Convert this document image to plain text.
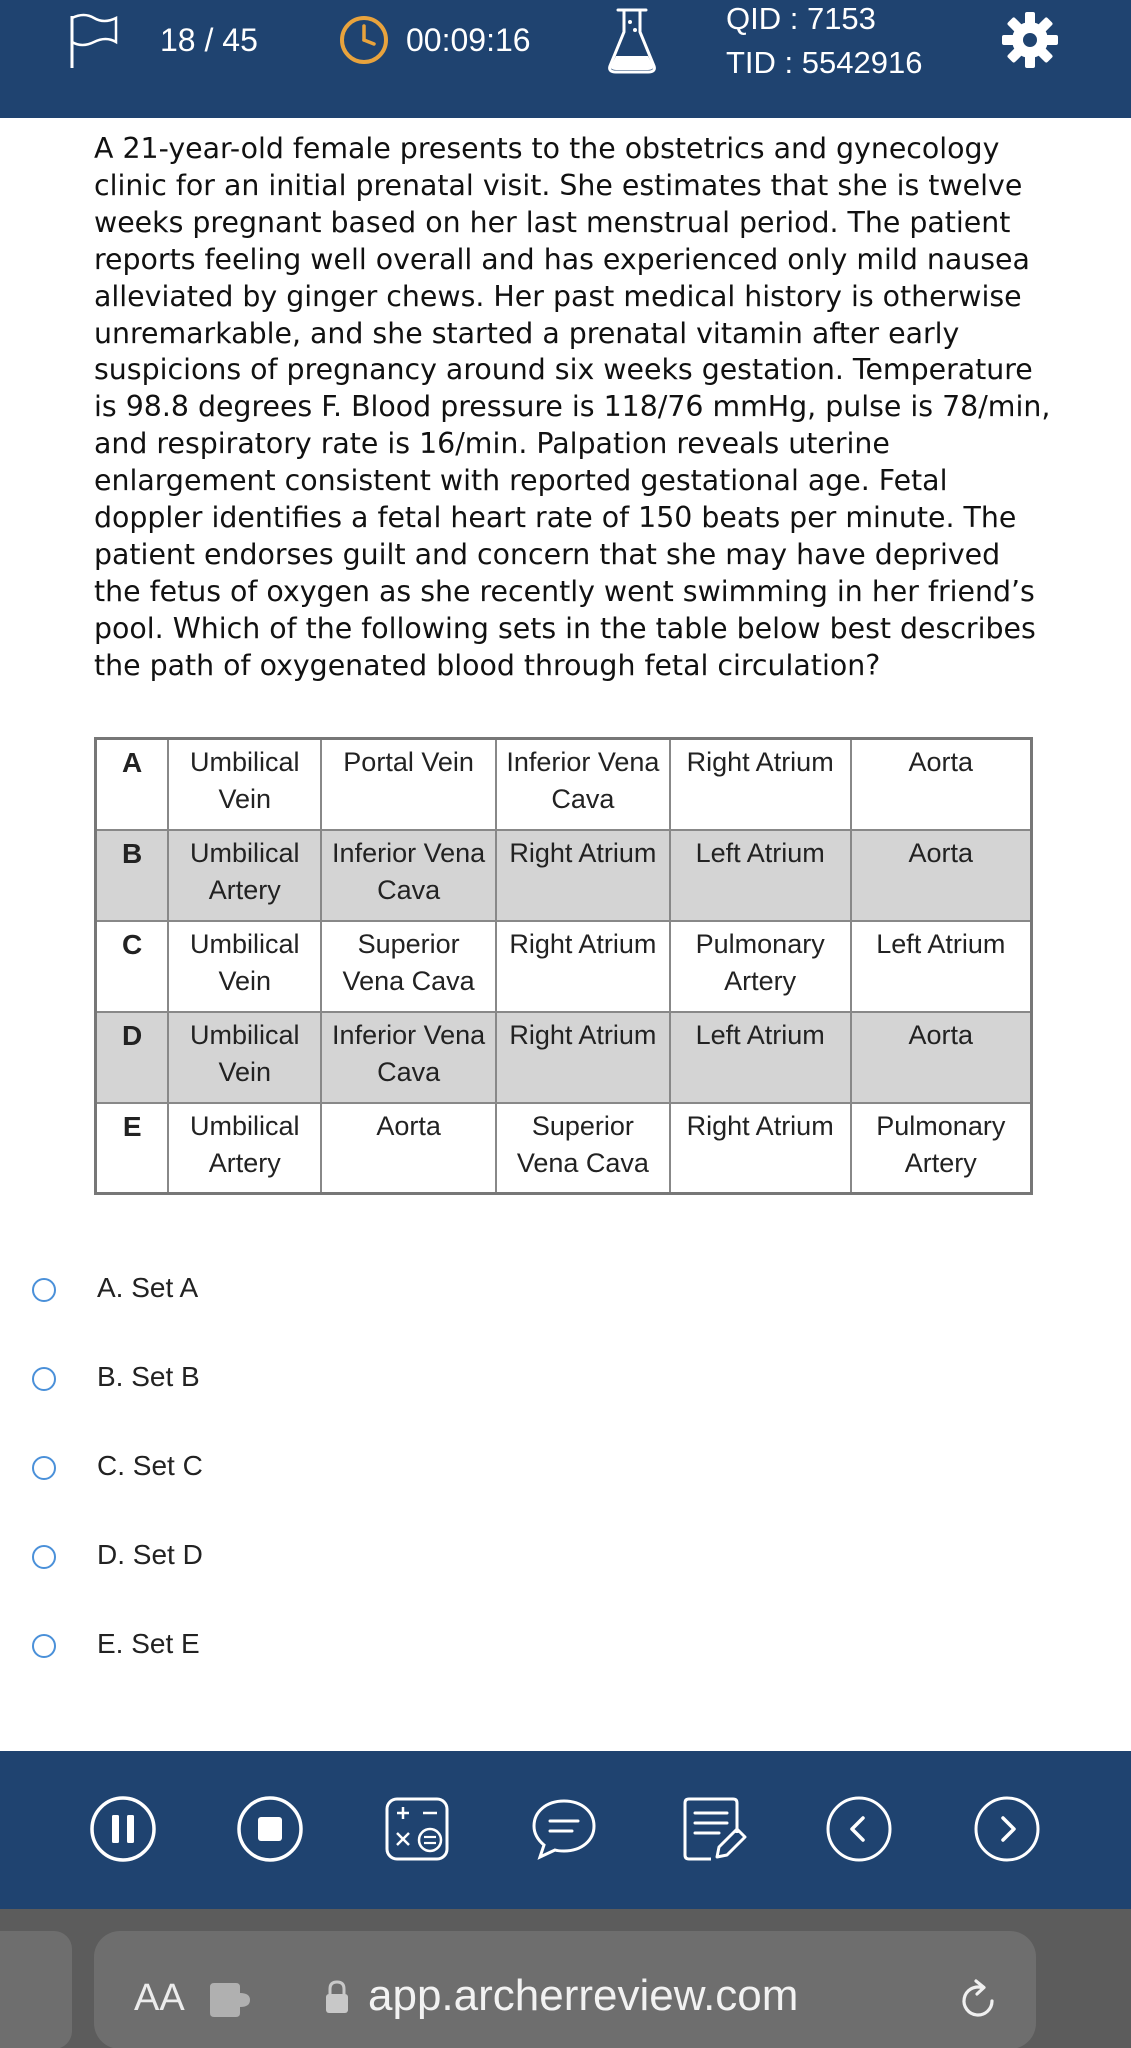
18 / 45	00:09:16
QID : 7153
TID : 5542916
A 21-year-old female presents to the obstetrics and gynecology clinic for an initial prenatal visit. She estimates that she is twelve weeks pregnant based on her last menstrual period. The patient reports feeling well overall and has experienced only mild nausea alleviated by ginger chews. Her past medical history is otherwise unremarkable, and she started a prenatal vitamin after early suspicions of pregnancy around six weeks gestation. Temperature is 98.8 degrees F. Blood pressure is 118/76 mmHg, pulse is 78/min, and respiratory rate is 16/min. Palpation reveals uterine enlargement consistent with reported gestational age. Fetal doppler identifies a fetal heart rate of 150 beats per minute. The patient endorses guilt and concern that she may have deprived the fetus of oxygen as she recently went swimming in her friend’s pool. Which of the following sets in the table below best describes the path of oxygenated blood through fetal circulation?
A	Umbilical Vein	Portal Vein	Inferior Vena Cava	Right Atrium	Aorta
B	Umbilical Artery	Inferior Vena Cava	Right Atrium	Left Atrium	Aorta
C	Umbilical Vein	Superior Vena Cava	Right Atrium	Pulmonary Artery	Left Atrium
D	Umbilical Vein	Inferior Vena Cava	Right Atrium	Left Atrium	Aorta
E	Umbilical Artery	Aorta	Superior Vena Cava	Right Atrium	Pulmonary Artery
A. Set A
B. Set B
C. Set C
D. Set D
E. Set E
AA	app.archerreview.com
